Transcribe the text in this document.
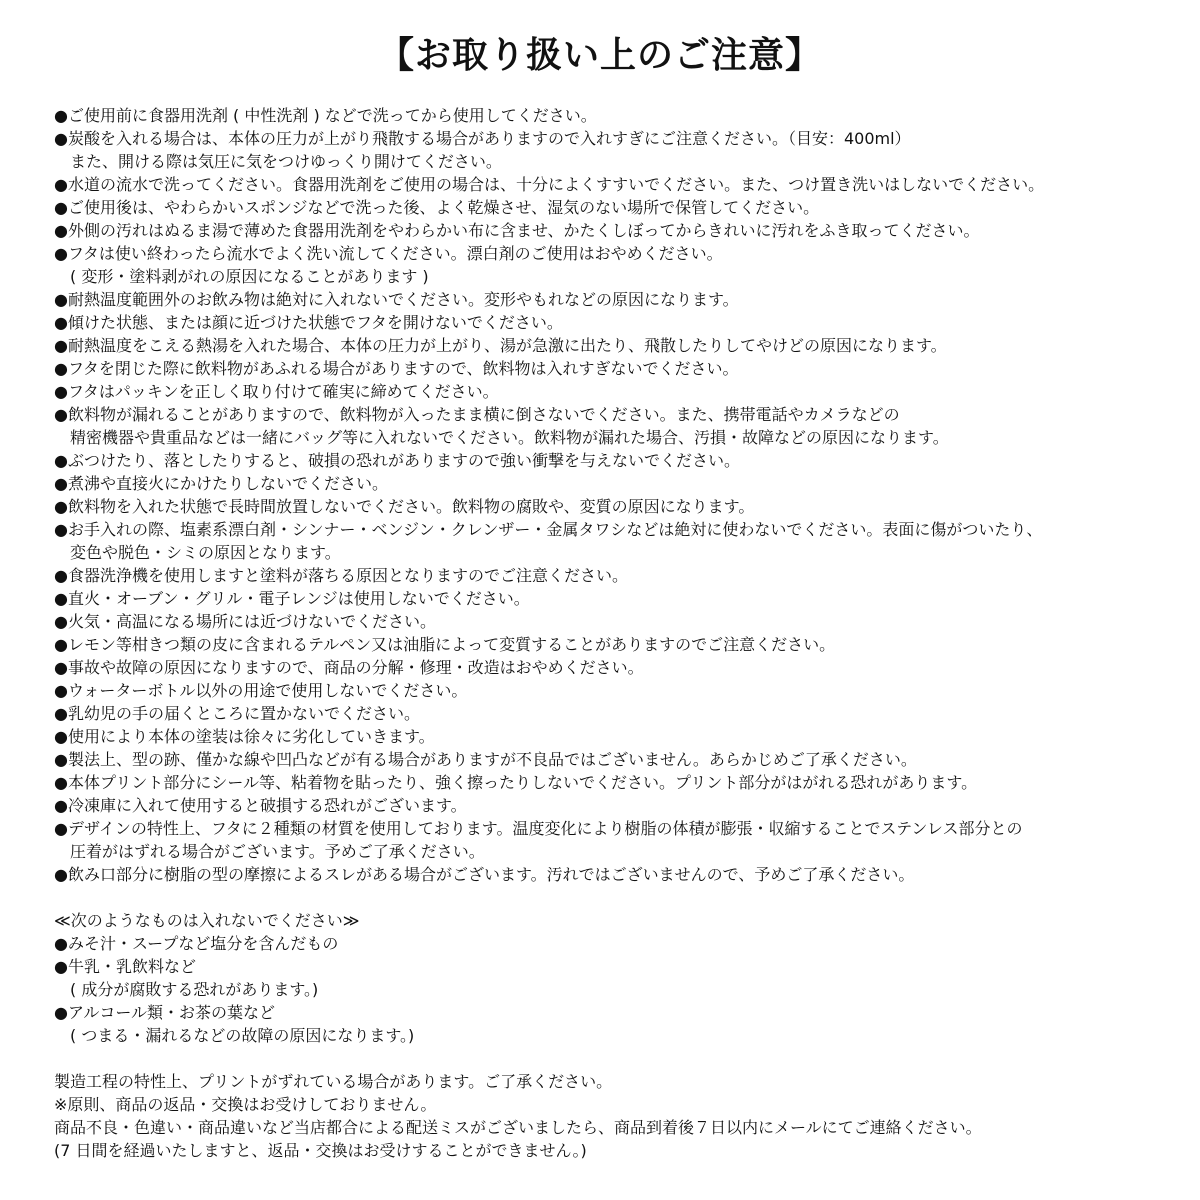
【お取り扱い上のご注意】
●ご使用前に食器用洗剤 ( 中性洗剤 ) などで洗ってから使用してください。
●炭酸を入れる場合は、本体の圧力が上がり飛散する場合がありますので入れすぎにご注意ください。（目安：400ml）
また、開ける際は気圧に気をつけゆっくり開けてください。
●水道の流水で洗ってください。食器用洗剤をご使用の場合は、十分によくすすいでください。また、つけ置き洗いはしないでください。
●ご使用後は、やわらかいスポンジなどで洗った後、よく乾燥させ、湿気のない場所で保管してください。
●外側の汚れはぬるま湯で薄めた食器用洗剤をやわらかい布に含ませ、かたくしぼってからきれいに汚れをふき取ってください。
●フタは使い終わったら流水でよく洗い流してください。漂白剤のご使用はおやめください。
( 変形・塗料剥がれの原因になることがあります )
●耐熱温度範囲外のお飲み物は絶対に入れないでください。変形やもれなどの原因になります。
●傾けた状態、または顔に近づけた状態でフタを開けないでください。
●耐熱温度をこえる熱湯を入れた場合、本体の圧力が上がり、湯が急激に出たり、飛散したりしてやけどの原因になります。
●フタを閉じた際に飲料物があふれる場合がありますので、飲料物は入れすぎないでください。
●フタはパッキンを正しく取り付けて確実に締めてください。
●飲料物が漏れることがありますので、飲料物が入ったまま横に倒さないでください。また、携帯電話やカメラなどの
精密機器や貴重品などは一緒にバッグ等に入れないでください。飲料物が漏れた場合、汚損・故障などの原因になります。
●ぶつけたり、落としたりすると、破損の恐れがありますので強い衝撃を与えないでください。
●煮沸や直接火にかけたりしないでください。
●飲料物を入れた状態で長時間放置しないでください。飲料物の腐敗や、変質の原因になります。
●お手入れの際、塩素系漂白剤・シンナー・ベンジン・クレンザー・金属タワシなどは絶対に使わないでください。表面に傷がついたり、
変色や脱色・シミの原因となります。
●食器洗浄機を使用しますと塗料が落ちる原因となりますのでご注意ください。
●直火・オーブン・グリル・電子レンジは使用しないでください。
●火気・高温になる場所には近づけないでください。
●レモン等柑きつ類の皮に含まれるテルペン又は油脂によって変質することがありますのでご注意ください。
●事故や故障の原因になりますので、商品の分解・修理・改造はおやめください。
●ウォーターボトル以外の用途で使用しないでください。
●乳幼児の手の届くところに置かないでください。
●使用により本体の塗装は徐々に劣化していきます。
●製法上、型の跡、僅かな線や凹凸などが有る場合がありますが不良品ではございません。あらかじめご了承ください。
●本体プリント部分にシール等、粘着物を貼ったり、強く擦ったりしないでください。プリント部分がはがれる恐れがあります。
●冷凍庫に入れて使用すると破損する恐れがございます。
●デザインの特性上、フタに２種類の材質を使用しております。温度変化により樹脂の体積が膨張・収縮することでステンレス部分との
圧着がはずれる場合がございます。予めご了承ください。
●飲み口部分に樹脂の型の摩擦によるスレがある場合がございます。汚れではございませんので、予めご了承ください。
≪次のようなものは入れないでください≫
●みそ汁・スープなど塩分を含んだもの
●牛乳・乳飲料など
( 成分が腐敗する恐れがあります。)
●アルコール類・お茶の葉など
( つまる・漏れるなどの故障の原因になります。)
製造工程の特性上、プリントがずれている場合があります。ご了承ください。
※原則、商品の返品・交換はお受けしておりません。
商品不良・色違い・商品違いなど当店都合による配送ミスがございましたら、商品到着後７日以内にメールにてご連絡ください。
(7 日間を経過いたしますと、返品・交換はお受けすることができません。)
